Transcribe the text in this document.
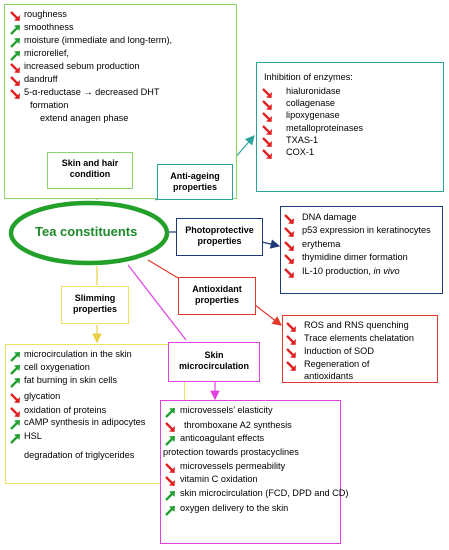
Tea constituents
Skin and hair
condition	Anti-ageing
properties
Inhibition of enzymes:
Photoprotective
properties
Antioxidant
properties
Slimming
properties
Skin
microcirculation
roughness
smoothness
moisture (immediate and long-term),
microrelief,
increased sebum production
dandruff
5-α-reductase → decreased DHT
formation
extend anagen phase
hialuronidase
collagenase
lipoxygenase
metalloproteinases
TXAS-1
COX-1
DNA damage
p53 expression in keratinocytes
erythema
thymidine dimer formation
IL-10 production, in vivo
ROS and RNS quenching
Trace elements chelatation
Induction of SOD
Regeneration of
antioxidants
microcirculation in the skin
cell oxygenation
fat burning in skin cells
glycation
oxidation of proteins
cAMP synthesis in adipocytes
HSL
degradation of triglycerides
microvessels’ elasticity
thromboxane A2 synthesis
anticoagulant effects
protection towards prostacyclines
microvessels permeability
vitamin C oxidation
skin microcirculation (FCD, DPD and CD)
oxygen delivery to the skin
